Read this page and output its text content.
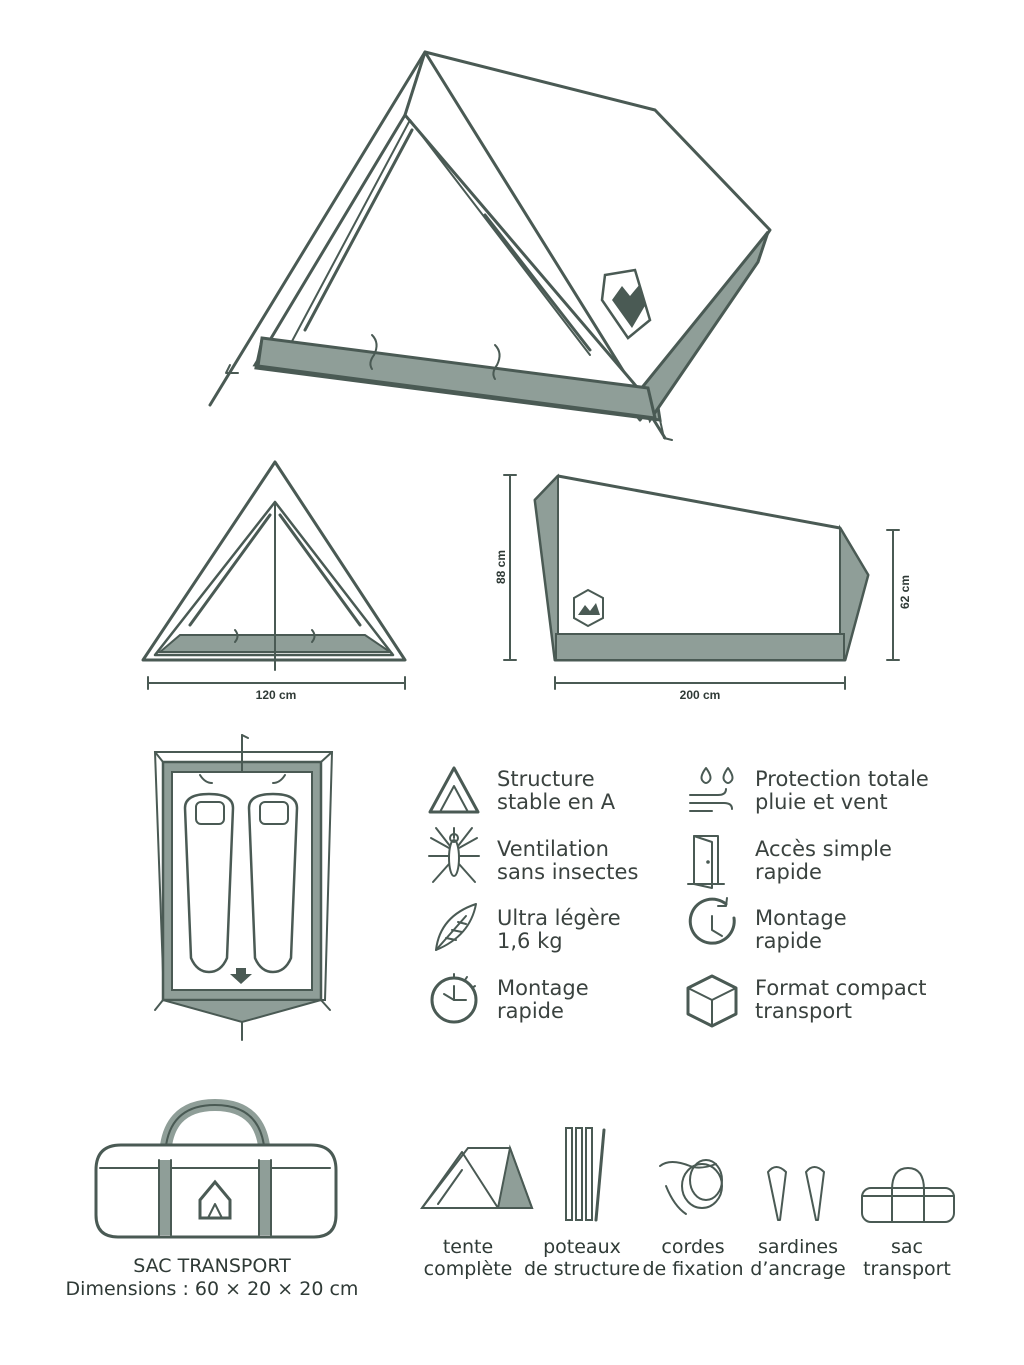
120 cm	200 cm
88 cm
62 cm
Structure
stable en A
Protection totale
pluie et vent
Ventilation
sans insectes
Accès simple
rapide
Ultra légère
1,6 kg
Montage
rapide
Montage
rapide
Format compact
transport
SAC TRANSPORT
Dimensions : 60 × 20 × 20 cm
tente
complète
poteaux
de structure
cordes
de fixation
sardines
d’ancrage
sac
transport
